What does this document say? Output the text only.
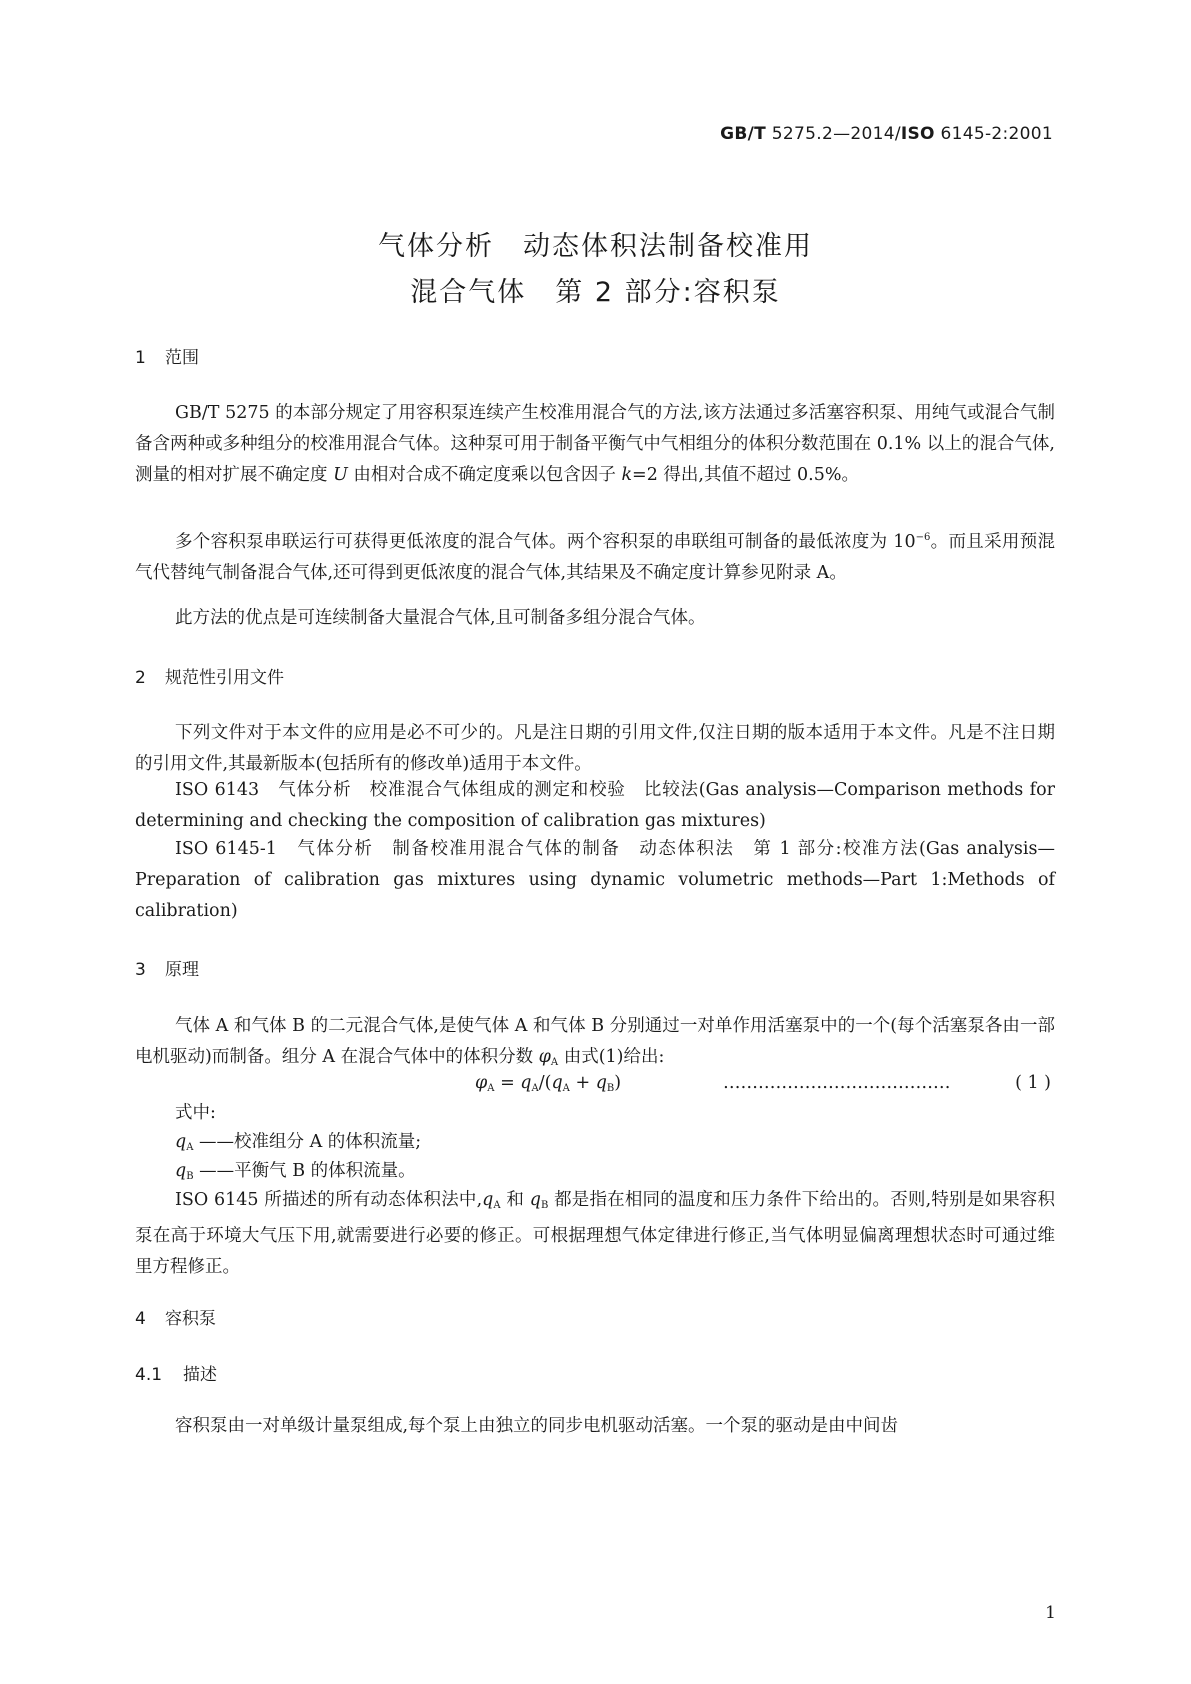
GB/T 5275.2—2014/ISO 6145-2:2001
气体分析　动态体积法制备校准用
混合气体　第 2 部分:容积泵
1 范围
GB/T 5275 的本部分规定了用容积泵连续产生校准用混合气的方法,该方法通过多活塞容积泵、用纯气或混合气制备含两种或多种组分的校准用混合气体。这种泵可用于制备平衡气中气相组分的体积分数范围在 0.1% 以上的混合气体,测量的相对扩展不确定度 U 由相对合成不确定度乘以包含因子 k=2 得出,其值不超过 0.5%。
多个容积泵串联运行可获得更低浓度的混合气体。两个容积泵的串联组可制备的最低浓度为 $10^{-6}$。而且采用预混气代替纯气制备混合气体,还可得到更低浓度的混合气体,其结果及不确定度计算参见附录 A。
此方法的优点是可连续制备大量混合气体,且可制备多组分混合气体。
2 规范性引用文件
下列文件对于本文件的应用是必不可少的。凡是注日期的引用文件,仅注日期的版本适用于本文件。凡是不注日期的引用文件,其最新版本(包括所有的修改单)适用于本文件。
ISO 6143　气体分析　校准混合气体组成的测定和校验　比较法(Gas analysis—Comparison methods for determining and checking the composition of calibration gas mixtures)
ISO 6145-1　气体分析　制备校准用混合气体的制备　动态体积法　第 1 部分:校准方法(Gas analysis—Preparation of calibration gas mixtures using dynamic volumetric methods—Part 1:Methods of calibration)
3 原理
气体 A 和气体 B 的二元混合气体,是使气体 A 和气体 B 分别通过一对单作用活塞泵中的一个(每个活塞泵各由一部电机驱动)而制备。组分 A 在混合气体中的体积分数 $\varphi_A$ 由式(1)给出:
$\varphi_A = q_A/(q_A + q_B)$	…………………………………	( 1 )
式中:
$q_A$ ——校准组分 A 的体积流量;
$q_B$ ——平衡气 B 的体积流量。
ISO 6145 所描述的所有动态体积法中$,q_A$ 和 $q_B$ 都是指在相同的温度和压力条件下给出的。否则,特别是如果容积泵在高于环境大气压下用,就需要进行必要的修正。可根据理想气体定律进行修正,当气体明显偏离理想状态时可通过维里方程修正。
4 容积泵
4.1 描述
容积泵由一对单级计量泵组成,每个泵上由独立的同步电机驱动活塞。一个泵的驱动是由中间齿
1
